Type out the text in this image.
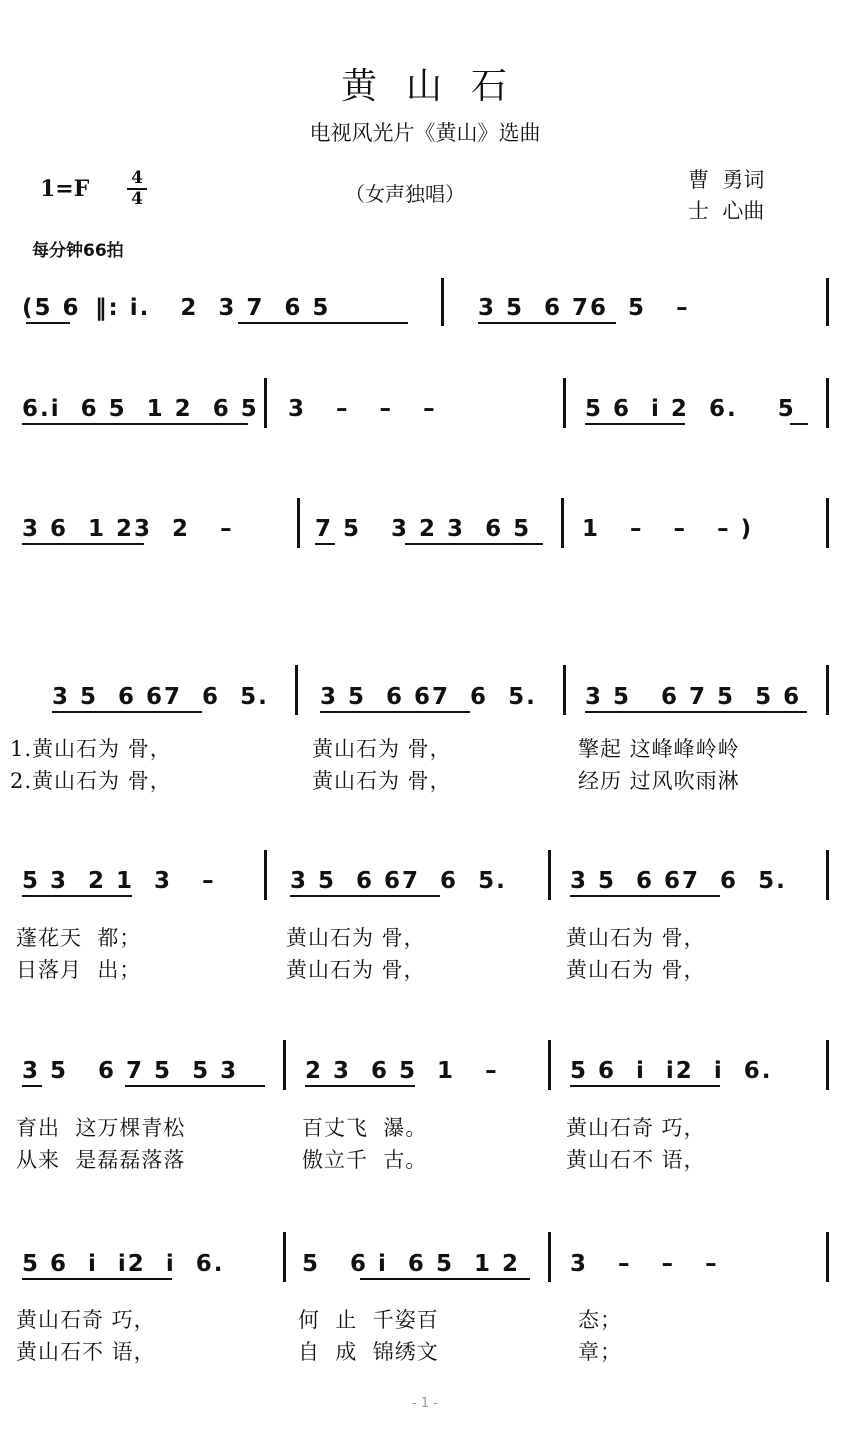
黄  山  石
电视风光片《黄山》选曲
1=F 4
4	（女声独唱）
曹  勇词
士  心曲
每分钟66拍
(5 6 ‖: i.   2  3 7  6 5	3 5  6 76  5   –
6.i  6 5  1 2  6 5 3   –   –   –	5 6  i 2  6.    5
3 6  1 23  2   –	7 5   3 2 3  6 5 1   –   –   – )
3 5  6 67  6  5. 3 5  6 67  6  5. 3 5   6 7 5  5 6
1.黄山石为 骨，	黄山石为 骨，	擎起 这峰峰岭岭
2.黄山石为 骨，	黄山石为 骨，	经历 过风吹雨淋
5 3  2 1  3   –	3 5  6 67  6  5.	3 5  6 67  6  5.
蓬花天  都；	黄山石为 骨，	黄山石为 骨，
日落月  出；	黄山石为 骨，	黄山石为 骨，
3 5   6 7 5  5 3	2 3  6 5  1   –	5 6  i  i2  i  6.
育出  这万棵青松	百丈飞  瀑。	黄山石奇 巧，
从来  是磊磊落落	傲立千  古。	黄山石不 语，
5 6  i  i2  i  6.	5   6 i  6 5  1 2 3   –   –   –
黄山石奇 巧，	何  止  千姿百	态；
黄山石不 语，	自  成  锦绣文	章；
- 1 -
